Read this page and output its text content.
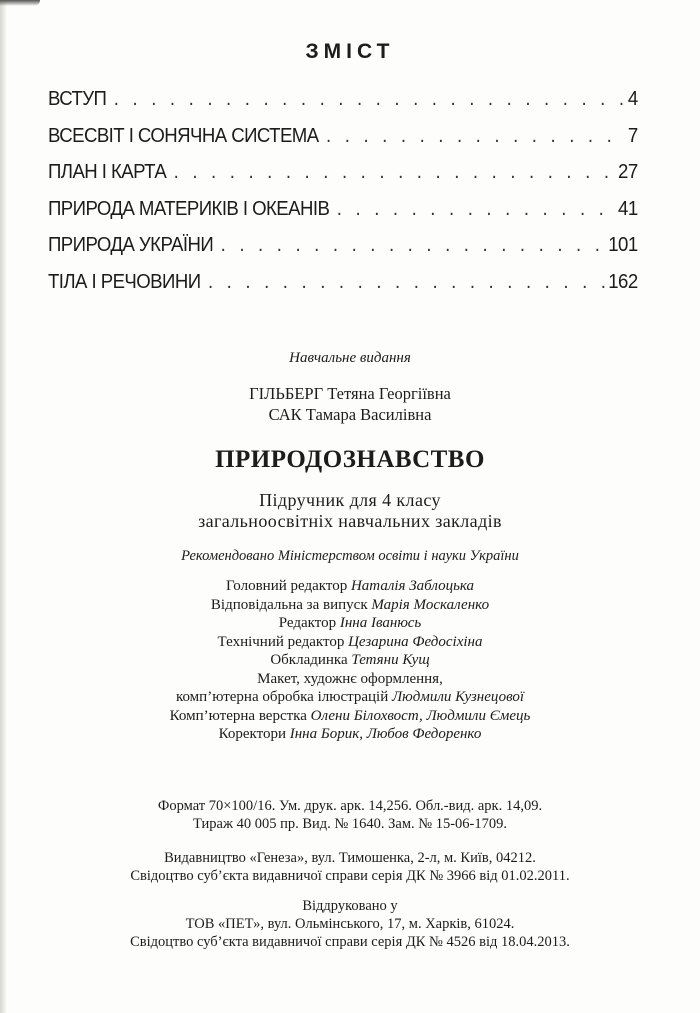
ЗМІСТ
ВСТУП . . .	4
ВСЕСВІТ І СОНЯЧНА СИСТЕМА . . .	7
ПЛАН І КАРТА . . .	27
ПРИРОДА МАТЕРИКІВ І ОКЕАНІВ . . .	41
ПРИРОДА УКРАЇНИ . . .	101
ТІЛА І РЕЧОВИНИ . . .	162
Навчальне видання
ГІЛЬБЕРГ Тетяна Георгіївна
САК Тамара Василівна
ПРИРОДОЗНАВСТВО
Підручник для 4 класу
загальноосвітніх навчальних закладів
Рекомендовано Міністерством освіти і науки України
Головний редактор Наталія Заблоцька
Відповідальна за випуск Марія Москаленко
Редактор Інна Іванюсь
Технічний редактор Цезарина Федосіхіна
Обкладинка Тетяни Кущ
Макет, художнє оформлення,
комп’ютерна обробка ілюстрацій Людмили Кузнецової
Комп’ютерна верстка Олени Білохвост, Людмили Ємець
Коректори Інна Борик, Любов Федоренко
Формат 70×100/16. Ум. друк. арк. 14,256. Обл.-вид. арк. 14,09.
Тираж 40 005 пр. Вид. № 1640. Зам. № 15-06-1709.
Видавництво «Генеза», вул. Тимошенка, 2-л, м. Київ, 04212.
Свідоцтво суб’єкта видавничої справи серія ДК № 3966 від 01.02.2011.
Віддруковано у
ТОВ «ПЕТ», вул. Ольмінського, 17, м. Харків, 61024.
Свідоцтво суб’єкта видавничої справи серія ДК № 4526 від 18.04.2013.
